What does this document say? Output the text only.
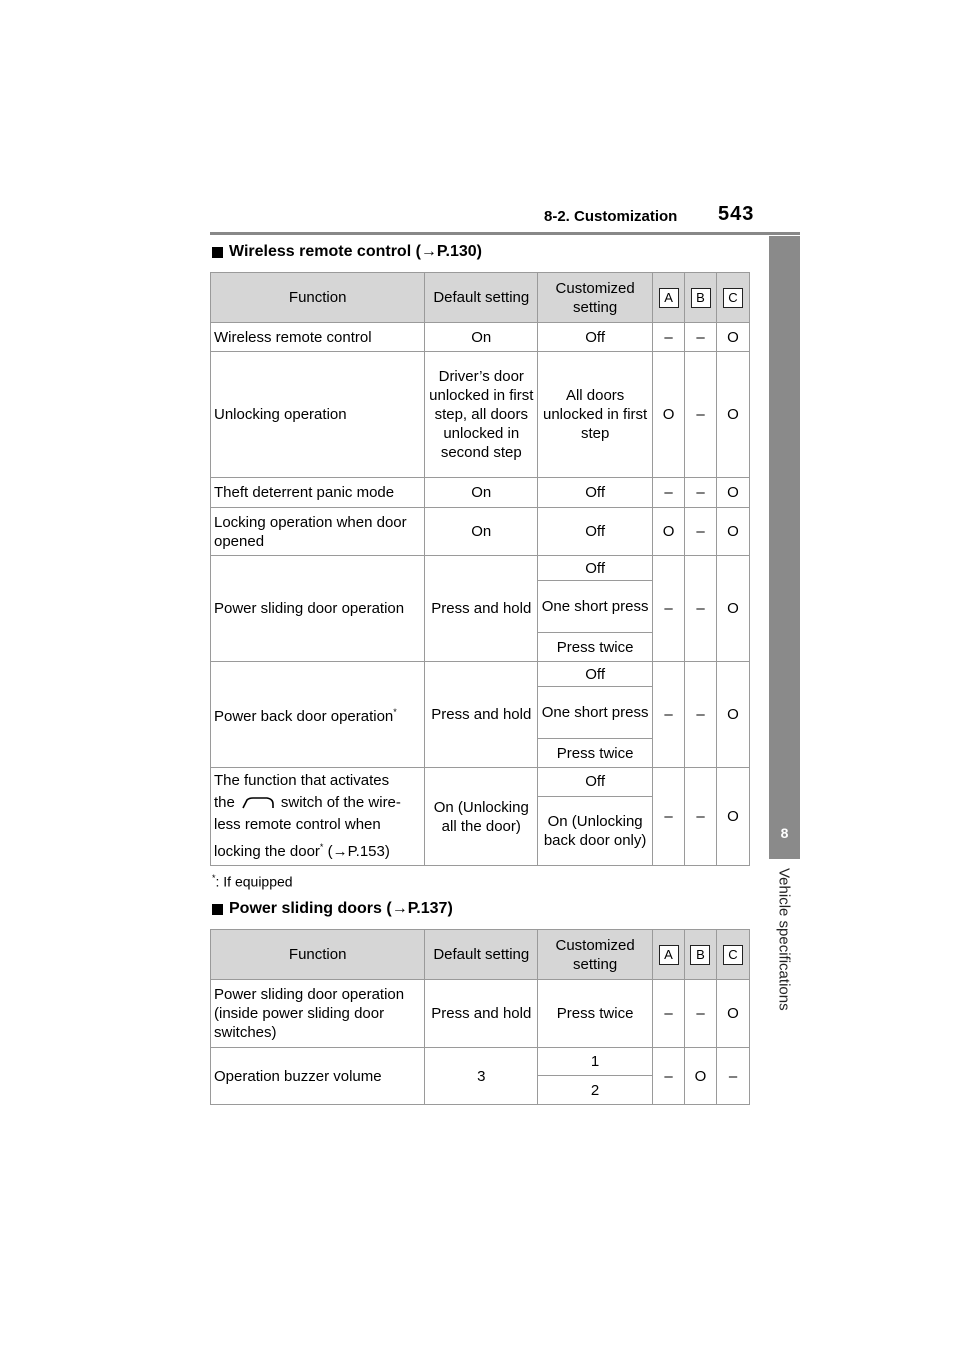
8-2. Customization 543
8
Vehicle specifications
Wireless remote control ( → P.130)
Function	Default setting	Customized setting	A	B	C

Wireless remote control	On	Off	–	–	O
Unlocking operation	Driver’s door unlocked in first step, all doors unlocked in second step	All doors unlocked in first step	O	–	O
Theft deterrent panic mode	On	Off	–	–	O
Locking operation when door opened	On	Off	O	–	O
Power sliding door operation	Press and hold	Off	–	–	O
		One short press			
		Press twice			
Power back door operation*	Press and hold	Off	–	–	O
		One short press			
		Press twice			

The function that activates
the switch of the wire-
less remote control when
locking the door* (→P.153)	On (Unlocking all the door)	Off	–	–	O
		On (Unlocking back door only)			
*: If equipped
Power sliding doors ( → P.137)
Function	Default setting	Customized setting	A	B	C

Power sliding door operation (inside power sliding door switches)	Press and hold	Press twice	–	–	O
Operation buzzer volume	3	1	–	O	–
		2			
